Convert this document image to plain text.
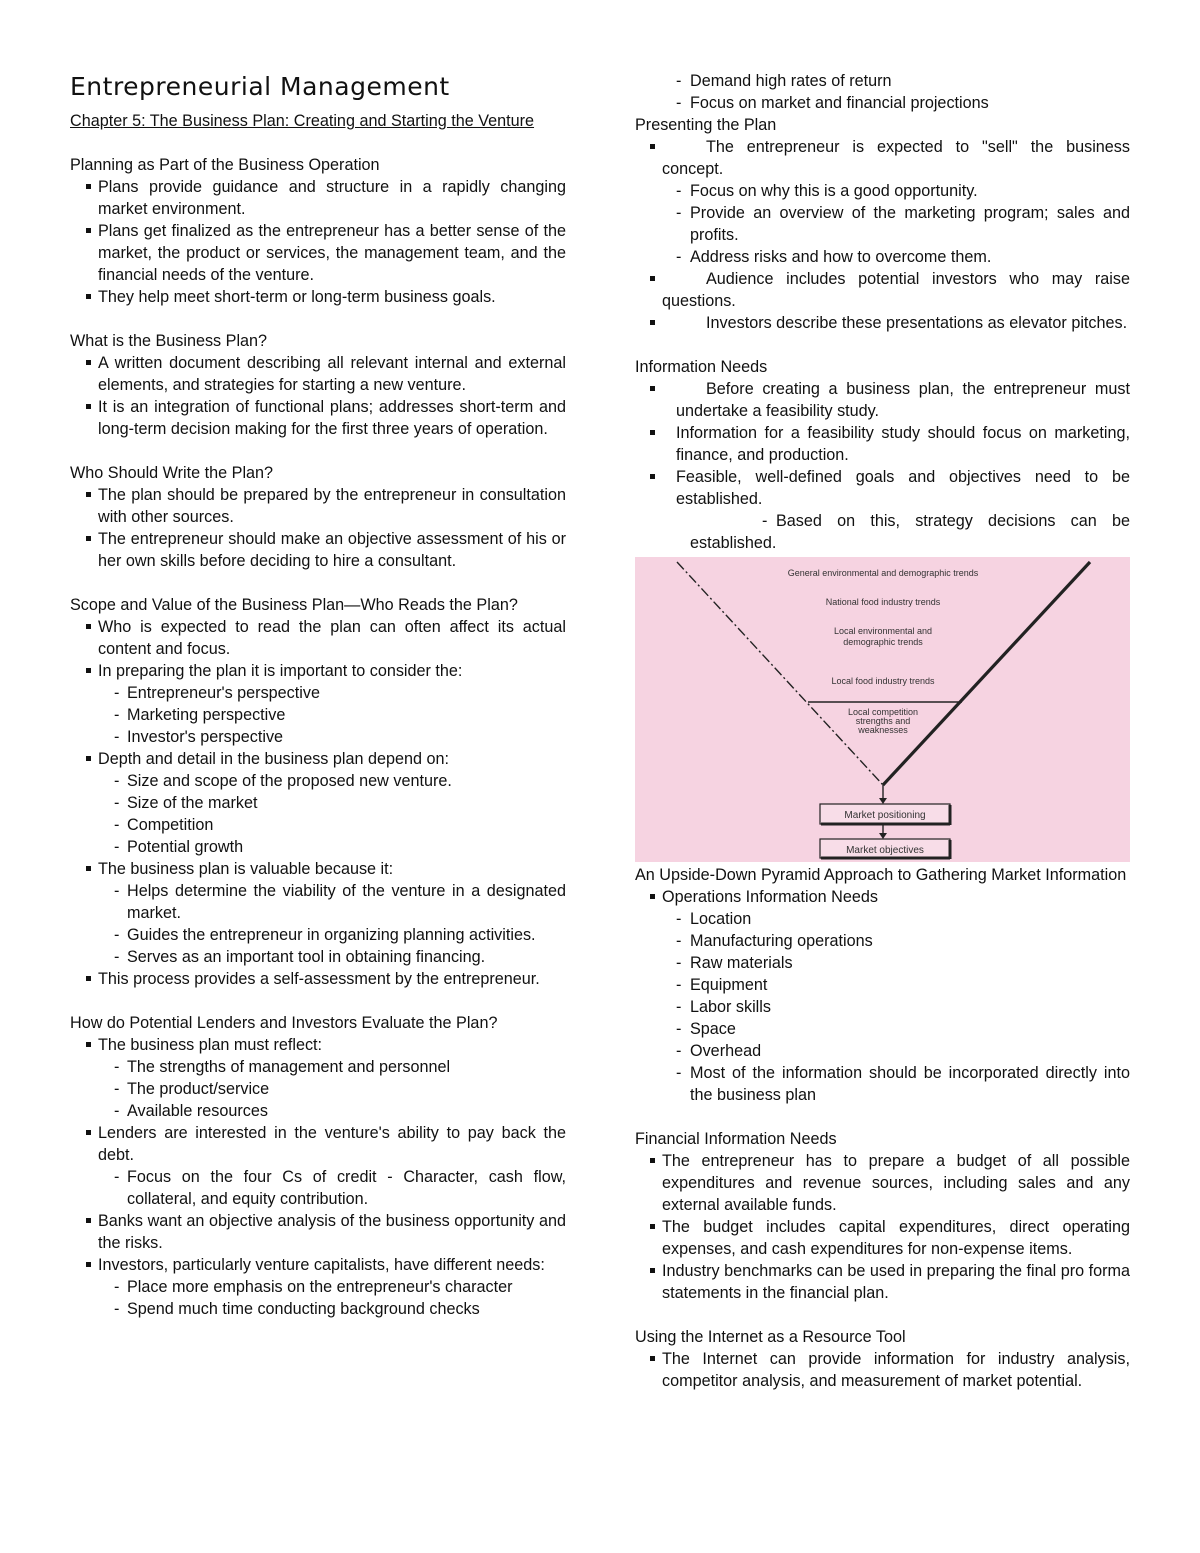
Entrepreneurial Management

Chapter 5: The Business Plan: Creating and Starting the Venture

Planning as Part of the Business Operation

Plans provide guidance and structure in a rapidly changing market environment.
Plans get finalized as the entrepreneur has a better sense of the market, the product or services, the management team, and the financial needs of the venture.
They help meet short-term or long-term business goals.

What is the Business Plan?

A written document describing all relevant internal and external elements, and strategies for starting a new venture.
It is an integration of functional plans; addresses short-term and long-term decision making for the first three years of operation.

Who Should Write the Plan?

The plan should be prepared by the entrepreneur in consultation with other sources.
The entrepreneur should make an objective assessment of his or her own skills before deciding to hire a consultant.

Scope and Value of the Business Plan—Who Reads the Plan?

Who is expected to read the plan can often affect its actual content and focus.
In preparing the plan it is important to consider the:
- Entrepreneur's perspective
- Marketing perspective
- Investor's perspective
Depth and detail in the business plan depend on:
- Size and scope of the proposed new venture.
- Size of the market
- Competition
- Potential growth
The business plan is valuable because it:
- Helps determine the viability of the venture in a designated market.
- Guides the entrepreneur in organizing planning activities.
- Serves as an important tool in obtaining financing.
This process provides a self-assessment by the entrepreneur.

How do Potential Lenders and Investors Evaluate the Plan?

The business plan must reflect:
- The strengths of management and personnel
- The product/service
- Available resources
Lenders are interested in the venture's ability to pay back the debt.
- Focus on the four Cs of credit - Character, cash flow, collateral, and equity contribution.
Banks want an objective analysis of the business opportunity and the risks.
Investors, particularly venture capitalists, have different needs:
- Place more emphasis on the entrepreneur's character
- Spend much time conducting background checks
- Demand high rates of return
- Focus on market and financial projections

Presenting the Plan

The entrepreneur is expected to "sell" the business concept.
- Focus on why this is a good opportunity.
- Provide an overview of the marketing program; sales and profits.
- Address risks and how to overcome them.
Audience includes potential investors who may raise questions.
Investors describe these presentations as elevator pitches.

Information Needs

Before creating a business plan, the entrepreneur must undertake a feasibility study.
Information for a feasibility study should focus on marketing, finance, and production.
Feasible, well-defined goals and objectives need to be established.
- Based on this, strategy decisions can be established.
General environmental and demographic trends
National food industry trends
Local environmental and
demographic trends
Local food industry trends
Local competition
strengths and
weaknesses
Market positioning
Market objectives

An Upside-Down Pyramid Approach to Gathering Market Information

Operations Information Needs
- Location
- Manufacturing operations
- Raw materials
- Equipment
- Labor skills
- Space
- Overhead
- Most of the information should be incorporated directly into the business plan

Financial Information Needs

The entrepreneur has to prepare a budget of all possible expenditures and revenue sources, including sales and any external available funds.
The budget includes capital expenditures, direct operating expenses, and cash expenditures for non-expense items.
Industry benchmarks can be used in preparing the final pro forma statements in the financial plan.

Using the Internet as a Resource Tool

The Internet can provide information for industry analysis, competitor analysis, and measurement of market potential.
